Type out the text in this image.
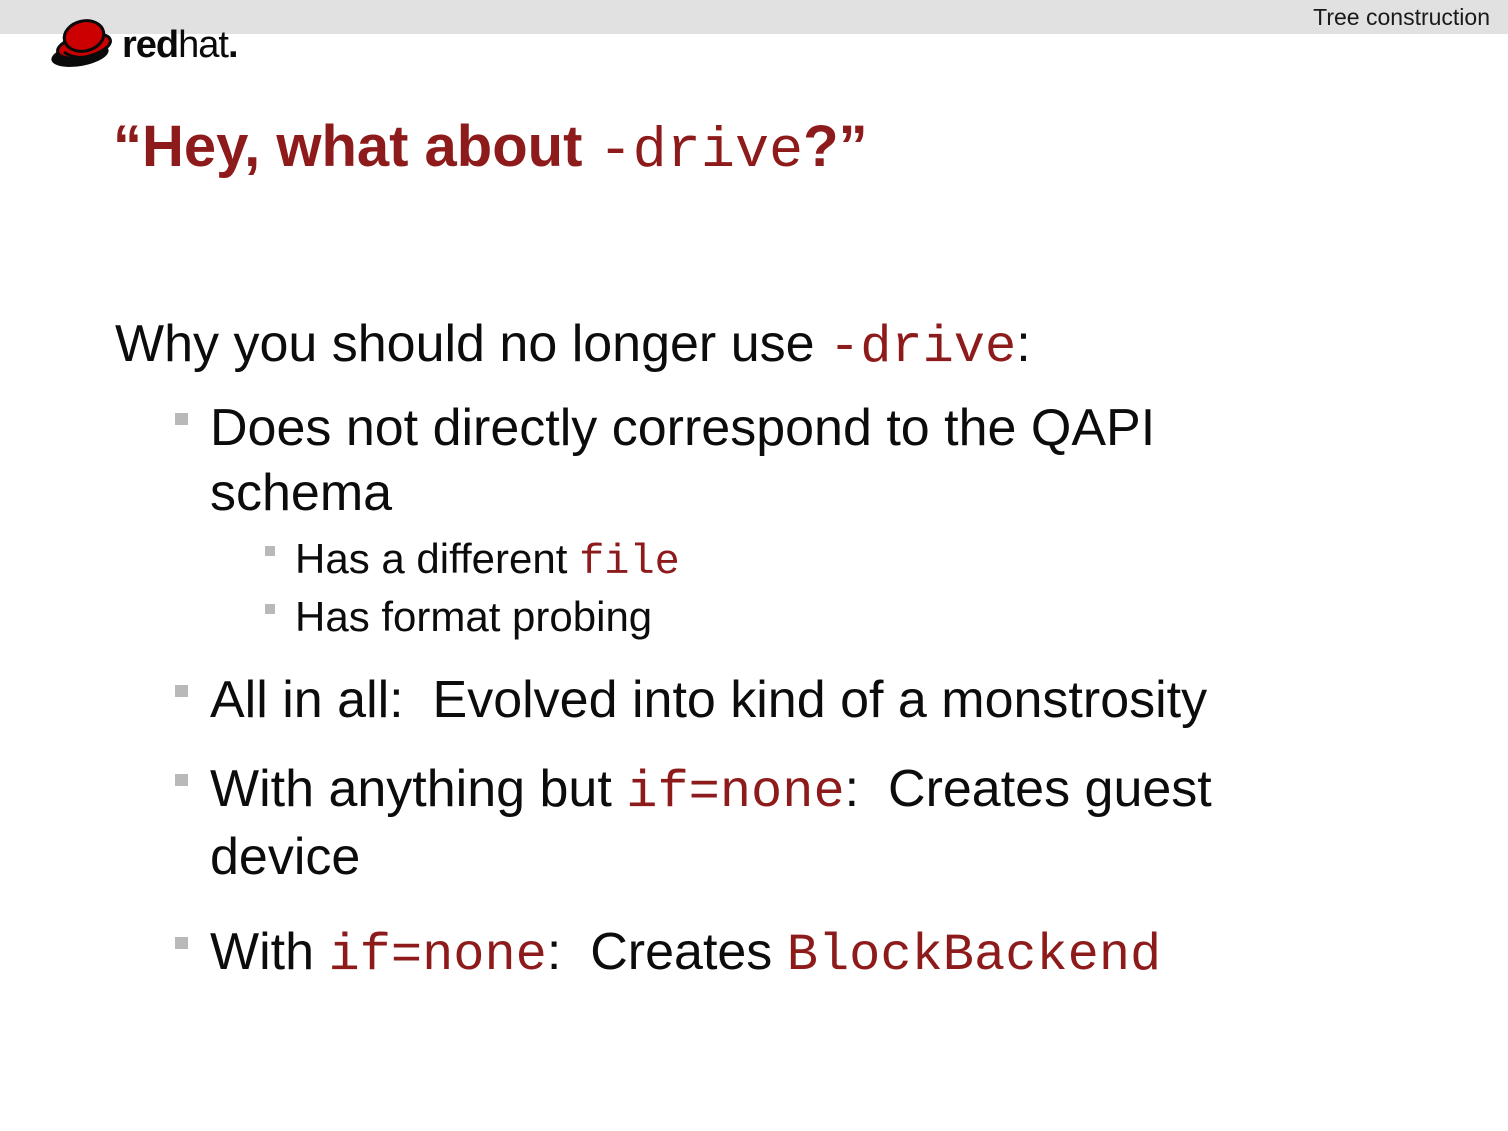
Tree construction
redhat.
“Hey, what about -drive?”

Why you should no longer use -drive:

Does not directly correspond to the QAPI schema
Has a different file
Has format probing
All in all:  Evolved into kind of a monstrosity
With anything but if=none:  Creates guest device
With if=none:  Creates BlockBackend
